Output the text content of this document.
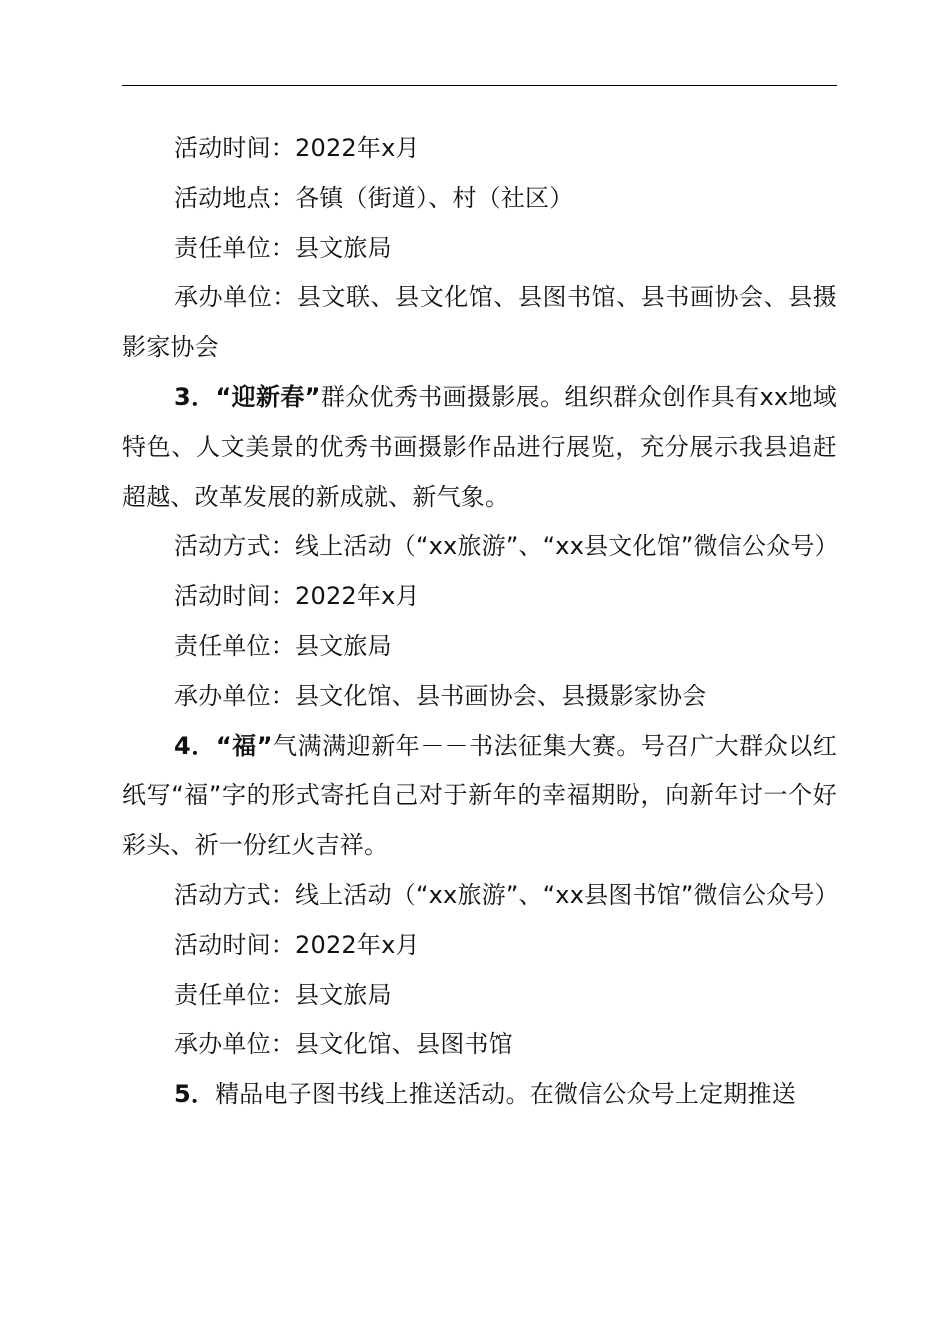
活动时间：2022年x月

活动地点：各镇（街道）、村（社区）

责任单位：县文旅局

承办单位：县文联、县文化馆、县图书馆、县书画协会、县摄影家协会

3．“迎新春”群众优秀书画摄影展。组织群众创作具有xx地域特色、人文美景的优秀书画摄影作品进行展览，充分展示我县追赶超越、改革发展的新成就、新气象。

活动方式：线上活动（“xx旅游”、“xx县文化馆”微信公众号）

活动时间：2022年x月

责任单位：县文旅局

承办单位：县文化馆、县书画协会、县摄影家协会

4．“福”气满满迎新年－－书法征集大赛。号召广大群众以红纸写“福”字的形式寄托自己对于新年的幸福期盼，向新年讨一个好彩头、祈一份红火吉祥。

活动方式：线上活动（“xx旅游”、“xx县图书馆”微信公众号）

活动时间：2022年x月

责任单位：县文旅局

承办单位：县文化馆、县图书馆

5．精品电子图书线上推送活动。在微信公众号上定期推送
